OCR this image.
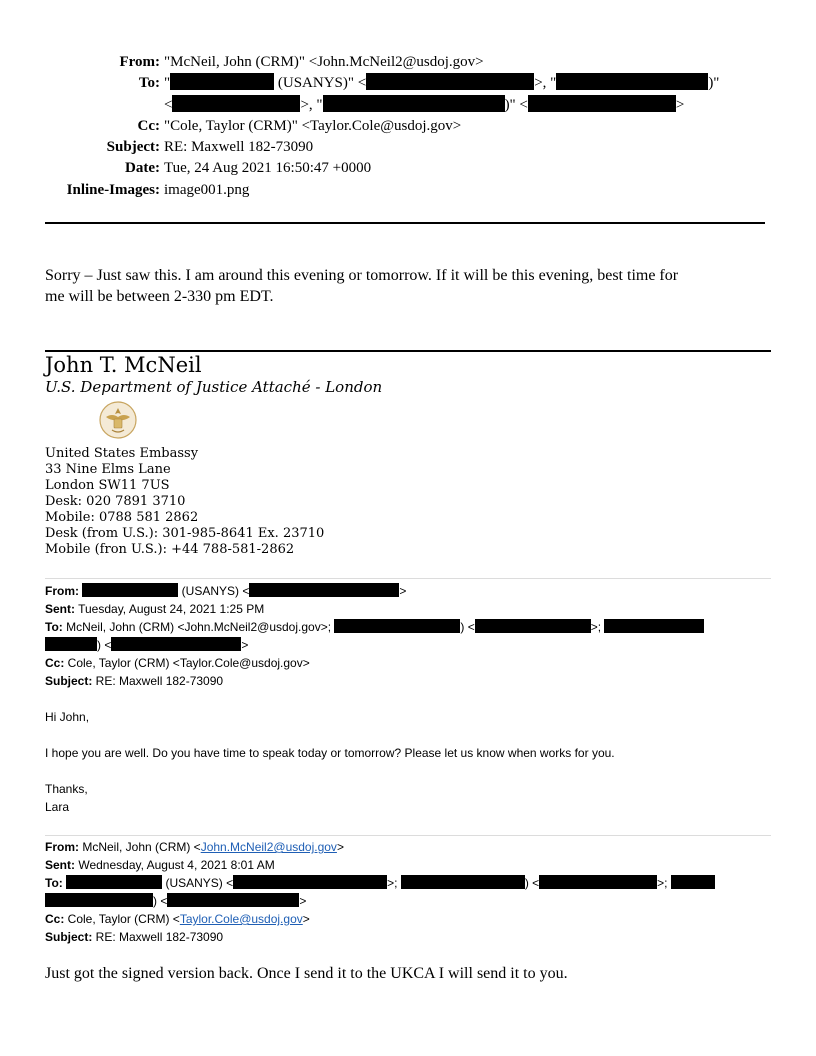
From: "McNeil, John (CRM)" <John.McNeil2@usdoj.gov>
To: "	(USANYS)" <	>, "	)"
<	>, "	)" <	>
Cc: "Cole, Taylor (CRM)" <Taylor.Cole@usdoj.gov>
Subject: RE: Maxwell 182-73090
Date: Tue, 24 Aug 2021 16:50:47 +0000
Inline-Images: image001.png
Sorry – Just saw this. I am around this evening or tomorrow. If it will be this evening, best time for
me will be between 2-330 pm EDT.
John T. McNeil
U.S. Department of Justice Attaché - London
United States Embassy
33 Nine Elms Lane
London SW11 7US
Desk: 020 7891 3710
Mobile: 0788 581 2862
Desk (from U.S.): 301-985-8641 Ex. 23710
Mobile (fron U.S.): +44 788-581-2862
From:	(USANYS) <	>
Sent: Tuesday, August 24, 2021 1:25 PM
To: McNeil, John (CRM) <John.McNeil2@usdoj.gov>;	) <	>;
) <	>
Cc: Cole, Taylor (CRM) <Taylor.Cole@usdoj.gov>
Subject: RE: Maxwell 182-73090
Hi John,
I hope you are well. Do you have time to speak today or tomorrow? Please let us know when works for you.
Thanks,
Lara
From: McNeil, John (CRM) <John.McNeil2@usdoj.gov>
Sent: Wednesday, August 4, 2021 8:01 AM
To:	(USANYS) <	>;	) <	>;
) <	>
Cc: Cole, Taylor (CRM) <Taylor.Cole@usdoj.gov>
Subject: RE: Maxwell 182-73090
Just got the signed version back. Once I send it to the UKCA I will send it to you.
